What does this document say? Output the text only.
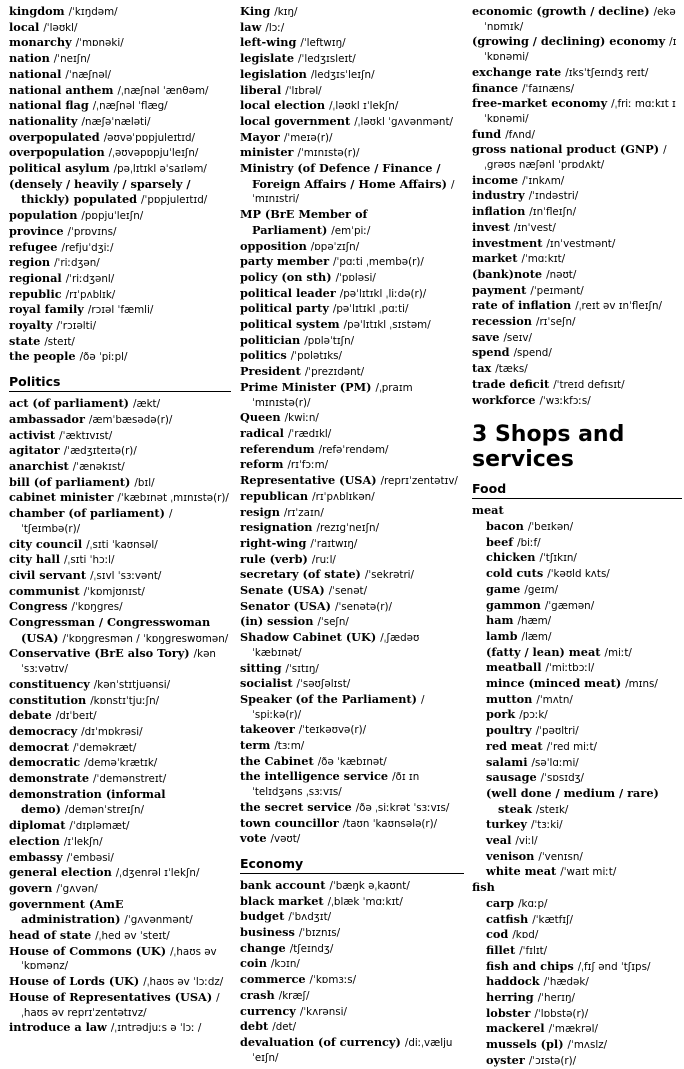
kingdom /ˈkɪŋdəm/
local /ˈləʊkl/
monarchy /ˈmɒnəki/
nation /ˈneɪʃn/
national /ˈnæʃnəl/
national anthem /ˌnæʃnəl ˈænθəm/
national flag /ˌnæʃnəl ˈflæg/
nationality /næʃəˈnæləti/
overpopulated /əʊvəˈpɒpjuleɪtɪd/
overpopulation /ˌəʊvəpɒpjuˈleɪʃn/
political asylum /pəˌlɪtɪkl əˈsaɪləm/
(densely / heavily / sparsely / thickly) populated /ˈpɒpjuleɪtɪd/
population /pɒpjuˈleɪʃn/
province /ˈprɒvɪns/
refugee /refjuˈdʒiː/
region /ˈriːdʒən/
regional /ˈriːdʒənl/
republic /rɪˈpʌblɪk/
royal family /rɔɪəl ˈfæmli/
royalty /ˈrɔɪəlti/
state /steɪt/
the people /ðə ˈpiːpl/
Politics
act (of parliament) /ækt/
ambassador /æmˈbæsədə(r)/
activist /ˈæktɪvɪst/
agitator /ˈædʒɪteɪtə(r)/
anarchist /ˈænəkɪst/
bill (of parliament) /bɪl/
cabinet minister /ˈkæbɪnət ˌmɪnɪstə(r)/
chamber (of parliament) /ˈtʃeɪmbə(r)/
city council /ˌsɪti ˈkaʊnsəl/
city hall /ˌsɪti ˈhɔːl/
civil servant /ˌsɪvl ˈsɜːvənt/
communist /ˈkɒmjʊnɪst/
Congress /ˈkɒŋgres/
Congressman / Congresswoman (USA) /ˈkɒŋgresmən / ˈkɒŋgreswʊmən/
Conservative (BrE also Tory) /kənˈsɜːvətɪv/
constituency /kənˈstɪtjuənsi/
constitution /kɒnstɪˈtjuːʃn/
debate /dɪˈbeɪt/
democracy /dɪˈmɒkrəsi/
democrat /ˈdeməkræt/
democratic /deməˈkrætɪk/
demonstrate /ˈdemənstreɪt/
demonstration (informal demo) /demənˈstreɪʃn/
diplomat /ˈdɪpləmæt/
election /ɪˈlekʃn/
embassy /ˈembəsi/
general election /ˌdʒenrəl ɪˈlekʃn/
govern /ˈgʌvən/
government (AmE administration) /ˈgʌvənmənt/
head of state /ˌhed əv ˈsteɪt/
House of Commons (UK) /ˌhaʊs əv ˈkɒmənz/
House of Lords (UK) /ˌhaʊs əv ˈlɔːdz/
House of Representatives (USA) /ˌhaʊs əv reprɪˈzentətɪvz/
introduce a law /ˌɪntrədjuːs ə ˈlɔː /
King /kɪŋ/
law /lɔː/
left-wing /ˈleftwɪŋ/
legislate /ˈledʒɪsleɪt/
legislation /ledʒɪsˈleɪʃn/
liberal /ˈlɪbrəl/
local election /ˌləʊkl ɪˈlekʃn/
local government /ˌləʊkl ˈgʌvənmənt/
Mayor /ˈmeɪə(r)/
minister /ˈmɪnɪstə(r)/
Ministry (of Defence / Finance / Foreign Affairs / Home Affairs) /ˈmɪnɪstri/
MP (BrE Member of Parliament) /emˈpiː/
opposition /ɒpəˈzɪʃn/
party member /ˈpɑːti ˌmembə(r)/
policy (on sth) /ˈpɒləsi/
political leader /pəˈlɪtɪkl ˌliːdə(r)/
political party /pəˈlɪtɪkl ˌpɑːti/
political system /pəˈlɪtɪkl ˌsɪstəm/
politician /pɒləˈtɪʃn/
politics /ˈpɒlətɪks/
President /ˈprezɪdənt/
Prime Minister (PM) /ˌpraɪm ˈmɪnɪstə(r)/
Queen /kwiːn/
radical /ˈrædɪkl/
referendum /refəˈrendəm/
reform /rɪˈfɔːm/
Representative (USA) /reprɪˈzentətɪv/
republican /rɪˈpʌblɪkən/
resign /rɪˈzaɪn/
resignation /rezɪgˈneɪʃn/
right-wing /ˈraɪtwɪŋ/
rule (verb) /ruːl/
secretary (of state) /ˈsekrətri/
Senate (USA) /ˈsenət/
Senator (USA) /ˈsenətə(r)/
(in) session /ˈseʃn/
Shadow Cabinet (UK) /ˌʃædəʊ ˈkæbɪnət/
sitting /ˈsɪtɪŋ/
socialist /ˈsəʊʃəlɪst/
Speaker (of the Parliament) /ˈspiːkə(r)/
takeover /ˈteɪkəʊvə(r)/
term /tɜːm/
the Cabinet /ðə ˈkæbɪnət/
the intelligence service /ðɪ ɪnˈtelɪdʒəns ˌsɜːvɪs/
the secret service /ðə ˌsiːkrət ˈsɜːvɪs/
town councillor /taʊn ˈkaʊnsələ(r)/
vote /vəʊt/
Economy
bank account /ˈbæŋk əˌkaʊnt/
black market /ˌblæk ˈmɑːkɪt/
budget /ˈbʌdʒɪt/
business /ˈbɪznɪs/
change /tʃeɪndʒ/
coin /kɔɪn/
commerce /ˈkɒmɜːs/
crash /kræʃ/
currency /ˈkʌrənsi/
debt /det/
devaluation (of currency) /diːˌvæljuˈeɪʃn/
economic (growth / decline) /ekəˈnɒmɪk/
(growing / declining) economy /ɪˈkɒnəmi/
exchange rate /ɪksˈtʃeɪndʒ reɪt/
finance /ˈfaɪnæns/
free-market economy /ˌfriː mɑːkɪt ɪˈkɒnəmi/
fund /fʌnd/
gross national product (GNP) /ˌgrəʊs næʃənl ˈprɒdʌkt/
income /ˈɪnkʌm/
industry /ˈɪndəstri/
inflation /ɪnˈfleɪʃn/
invest /ɪnˈvest/
investment /ɪnˈvestmənt/
market /ˈmɑːkɪt/
(bank)note /nəʊt/
payment /ˈpeɪmənt/
rate of inflation /ˌreɪt əv ɪnˈfleɪʃn/
recession /rɪˈseʃn/
save /seɪv/
spend /spend/
tax /tæks/
trade deficit /ˈtreɪd defɪsɪt/
workforce /ˈwɜːkfɔːs/
3 Shops and services
Food
meat
bacon /ˈbeɪkən/
beef /biːf/
chicken /ˈtʃɪkɪn/
cold cuts /ˈkəʊld kʌts/
game /geɪm/
gammon /ˈgæmən/
ham /hæm/
lamb /læm/
(fatty / lean) meat /miːt/
meatball /ˈmiːtbɔːl/
mince (minced meat) /mɪns/
mutton /ˈmʌtn/
pork /pɔːk/
poultry /ˈpəʊltri/
red meat /ˈred miːt/
salami /səˈlɑːmi/
sausage /ˈsɒsɪdʒ/
(well done / medium / rare) steak /steɪk/
turkey /ˈtɜːki/
veal /viːl/
venison /ˈvenɪsn/
white meat /ˈwaɪt miːt/
fish
carp /kɑːp/
catfish /ˈkætfɪʃ/
cod /kɒd/
fillet /ˈfɪlɪt/
fish and chips /ˌfɪʃ ənd ˈtʃɪps/
haddock /ˈhædək/
herring /ˈherɪŋ/
lobster /ˈlɒbstə(r)/
mackerel /ˈmækrəl/
mussels (pl) /ˈmʌslz/
oyster /ˈɔɪstə(r)/
